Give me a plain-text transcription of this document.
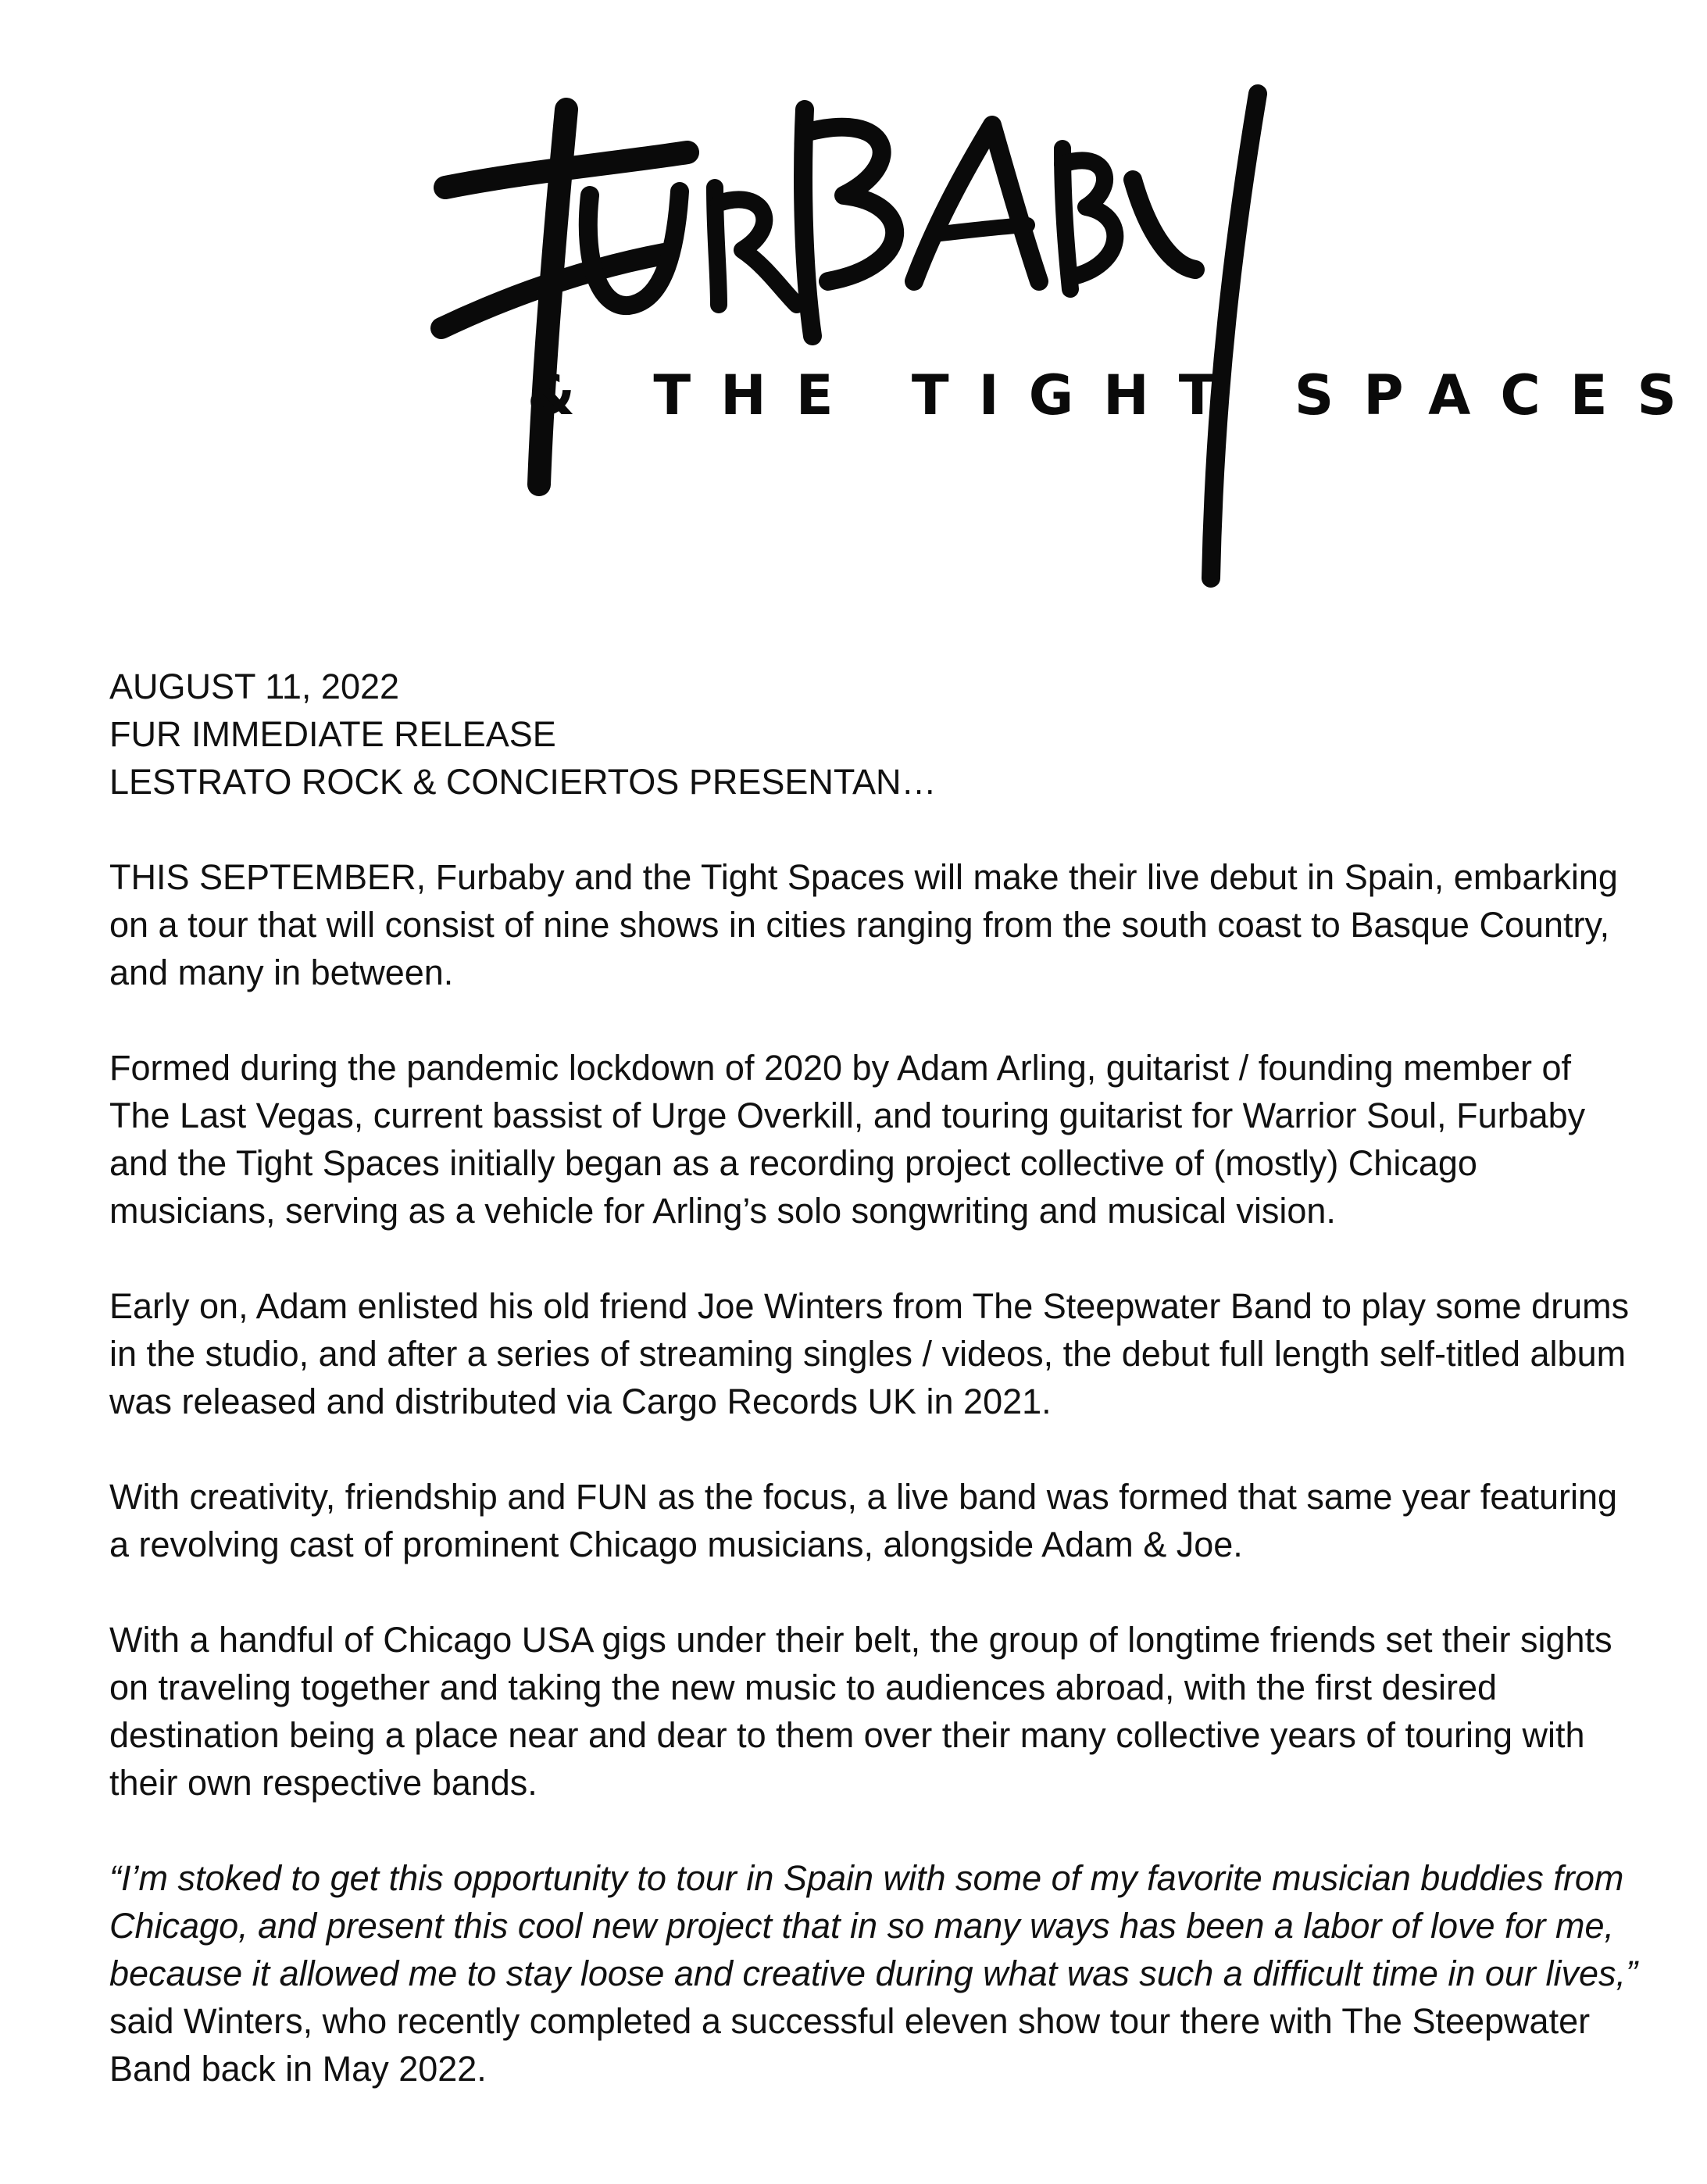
& THE TIGHT SPACES

AUGUST 11, 2022

FUR IMMEDIATE RELEASE

LESTRATO ROCK & CONCIERTOS PRESENTAN…

THIS SEPTEMBER, Furbaby and the Tight Spaces will make their live debut in Spain, embarking on a tour that will consist of nine shows in cities ranging from the south coast to Basque Country, and many in between.

Formed during the pandemic lockdown of 2020 by Adam Arling, guitarist / founding member of The Last Vegas, current bassist of Urge Overkill, and touring guitarist for Warrior Soul, Furbaby and the Tight Spaces initially began as a recording project collective of (mostly) Chicago musicians, serving as a vehicle for Arling’s solo songwriting and musical vision.

Early on, Adam enlisted his old friend Joe Winters from The Steepwater Band to play some drums in the studio, and after a series of streaming singles / videos, the debut full length self-titled album was released and distributed via Cargo Records UK in 2021.

With creativity, friendship and FUN as the focus, a live band was formed that same year featuring a revolving cast of prominent Chicago musicians, alongside Adam & Joe.

With a handful of Chicago USA gigs under their belt, the group of longtime friends set their sights on traveling together and taking the new music to audiences abroad, with the first desired destination being a place near and dear to them over their many collective years of touring with their own respective bands.

“I’m stoked to get this opportunity to tour in Spain with some of my favorite musician buddies from Chicago, and present this cool new project that in so many ways has been a labor of love for me, because it allowed me to stay loose and creative during what was such a difficult time in our lives,” said Winters, who recently completed a successful eleven show tour there with The Steepwater Band back in May 2022.
